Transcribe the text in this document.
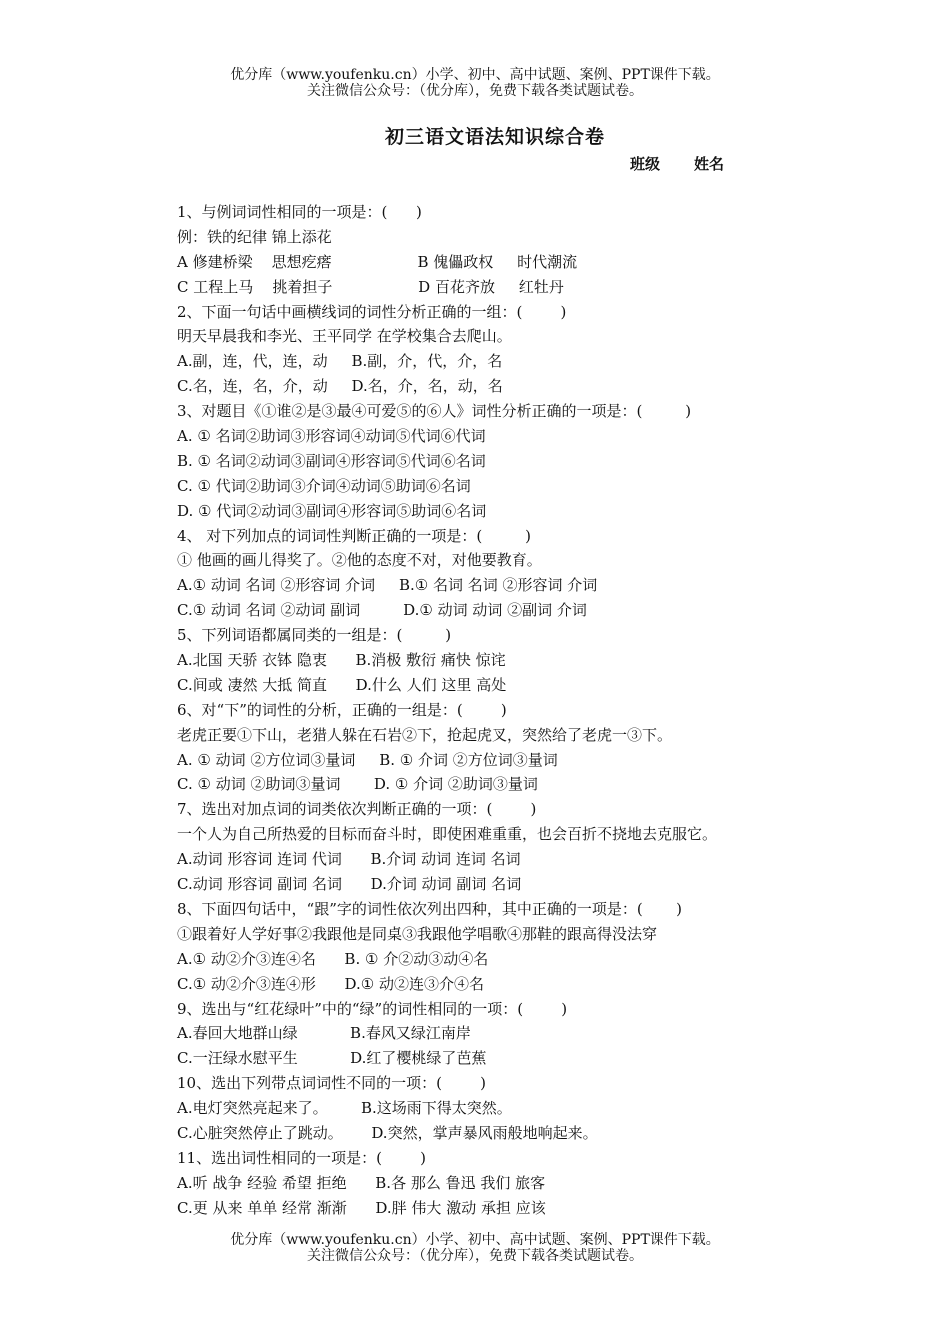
优分库（www.youfenku.cn）小学、初中、高中试题、案例、PPT课件下载。
关注微信公众号：（优分库），免费下载各类试题试卷。
初三语文语法知识综合卷
班级 姓名
1、与例词词性相同的一项是：(      )
例：铁的纪律 锦上添花
A 修建桥梁    思想疙瘩                  B 傀儡政权     时代潮流
C 工程上马    挑着担子                  D 百花齐放     红牡丹
2、下面一句话中画横线词的词性分析正确的一组：(        )
明天早晨我和李光、王平同学 在学校集合去爬山。
A.副，连，代，连，动     B.副，介，代，介，名
C.名，连，名，介，动     D.名，介，名，动，名
3、对题目《①谁②是③最④可爱⑤的⑥人》词性分析正确的一项是：(         )
A. ① 名词②助词③形容词④动词⑤代词⑥代词
B. ① 名词②动词③副词④形容词⑤代词⑥名词
C. ① 代词②助词③介词④动词⑤助词⑥名词
D. ① 代词②动词③副词④形容词⑤助词⑥名词
4、 对下列加点的词词性判断正确的一项是：(         )
① 他画的画儿得奖了。②他的态度不对，对他要教育。
A.① 动词 名词 ②形容词 介词     B.① 名词 名词 ②形容词 介词
C.① 动词 名词 ②动词 副词         D.① 动词 动词 ②副词 介词
5、下列词语都属同类的一组是：(         )
A.北国 天骄 衣钵 隐衷      B.消极 敷衍 痛快 惊诧
C.间或 凄然 大抵 简直      D.什么 人们 这里 高处
6、对“下”的词性的分析，正确的一组是：(        )
老虎正要①下山，老猎人躲在石岩②下，抢起虎叉，突然给了老虎一③下。
A. ① 动词 ②方位词③量词     B. ① 介词 ②方位词③量词
C. ① 动词 ②助词③量词       D. ① 介词 ②助词③量词
7、选出对加点词的词类依次判断正确的一项：(        )
一个人为自己所热爱的目标而奋斗时，即使困难重重，也会百折不挠地去克服它。
A.动词 形容词 连词 代词      B.介词 动词 连词 名词
C.动词 形容词 副词 名词      D.介词 动词 副词 名词
8、下面四句话中，“跟”字的词性依次列出四种，其中正确的一项是：(       )
①跟着好人学好事②我跟他是同桌③我跟他学唱歌④那鞋的跟高得没法穿
A.① 动②介③连④名      B. ① 介②动③动④名
C.① 动②介③连④形      D.① 动②连③介④名
9、选出与“红花绿叶”中的“绿”的词性相同的一项：(        )
A.春回大地群山绿           B.春风又绿江南岸
C.一汪绿水慰平生           D.红了樱桃绿了芭蕉
10、选出下列带点词词性不同的一项：(        )
A.电灯突然亮起来了。       B.这场雨下得太突然。
C.心脏突然停止了跳动。      D.突然，掌声暴风雨般地响起来。
11、选出词性相同的一项是：(        )
A.听 战争 经验 希望 拒绝      B.各 那么 鲁迅 我们 旅客
C.更 从来 单单 经常 渐渐      D.胖 伟大 激动 承担 应该
优分库（www.youfenku.cn）小学、初中、高中试题、案例、PPT课件下载。
关注微信公众号：（优分库），免费下载各类试题试卷。
